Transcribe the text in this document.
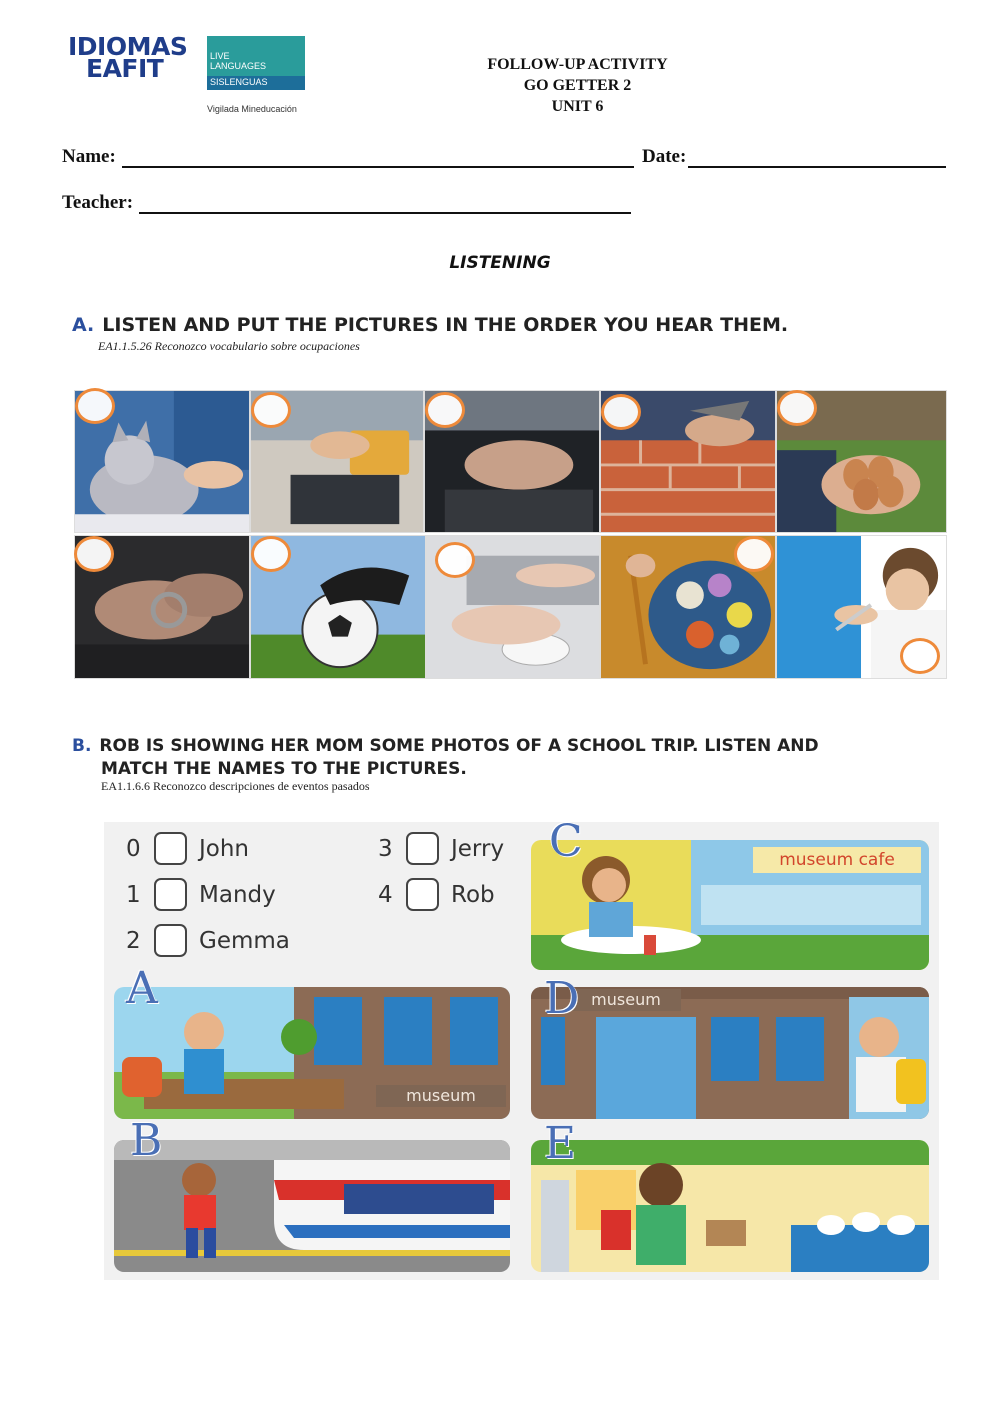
IDIOMAS
EAFIT	LIVE
LANGUAGES
SISLENGUAS
Vigilada Mineducación
FOLLOW-UP ACTIVITY
GO GETTER 2
UNIT 6
Name:	Date:
Teacher:
LISTENING
A. LISTEN AND PUT THE PICTURES IN THE ORDER YOU HEAR THEM.
EA1.1.5.26 Reconozco vocabulario sobre ocupaciones
B. ROB IS SHOWING HER MOM SOME PHOTOS OF A SCHOOL TRIP. LISTEN AND
MATCH THE NAMES TO THE PICTURES.
EA1.1.6.6 Reconozco descripciones de eventos pasados
0	John
1	Mandy
2	Gemma
3	Jerry
4	Rob
museum cafe
C
museum
A	museum
D
B	E
